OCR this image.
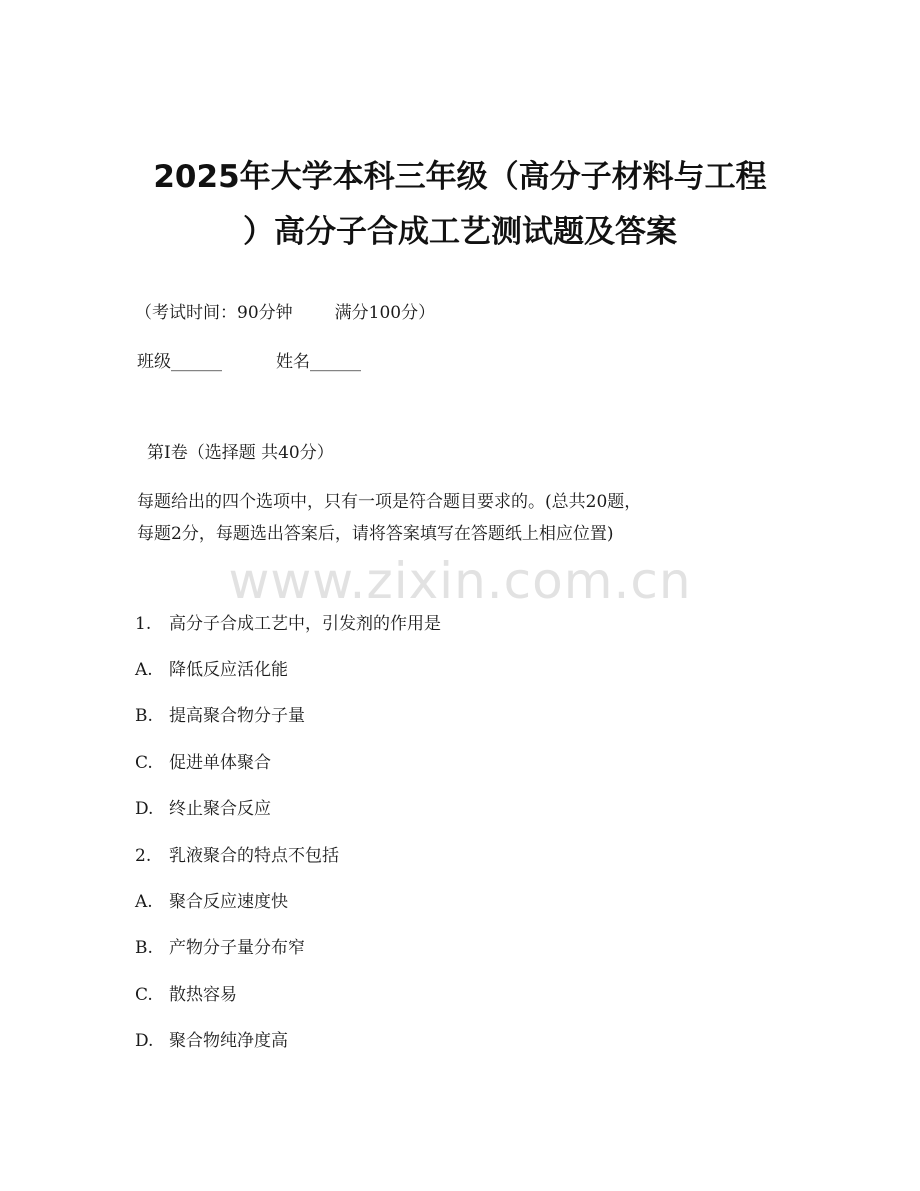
2025年大学本科三年级（高分子材料与工程
）高分子合成工艺测试题及答案
（考试时间：90分钟 满分100分）
班级______	姓名______
第Ⅰ卷（选择题 共40分）
每题给出的四个选项中，只有一项是符合题目要求的。(总共20题，
每题2分，每题选出答案后，请将答案填写在答题纸上相应位置)
www.zixin.com.cn
1. 高分子合成工艺中，引发剂的作用是
A. 降低反应活化能
B. 提高聚合物分子量
C. 促进单体聚合
D. 终止聚合反应
2. 乳液聚合的特点不包括
A. 聚合反应速度快
B. 产物分子量分布窄
C. 散热容易
D. 聚合物纯净度高
